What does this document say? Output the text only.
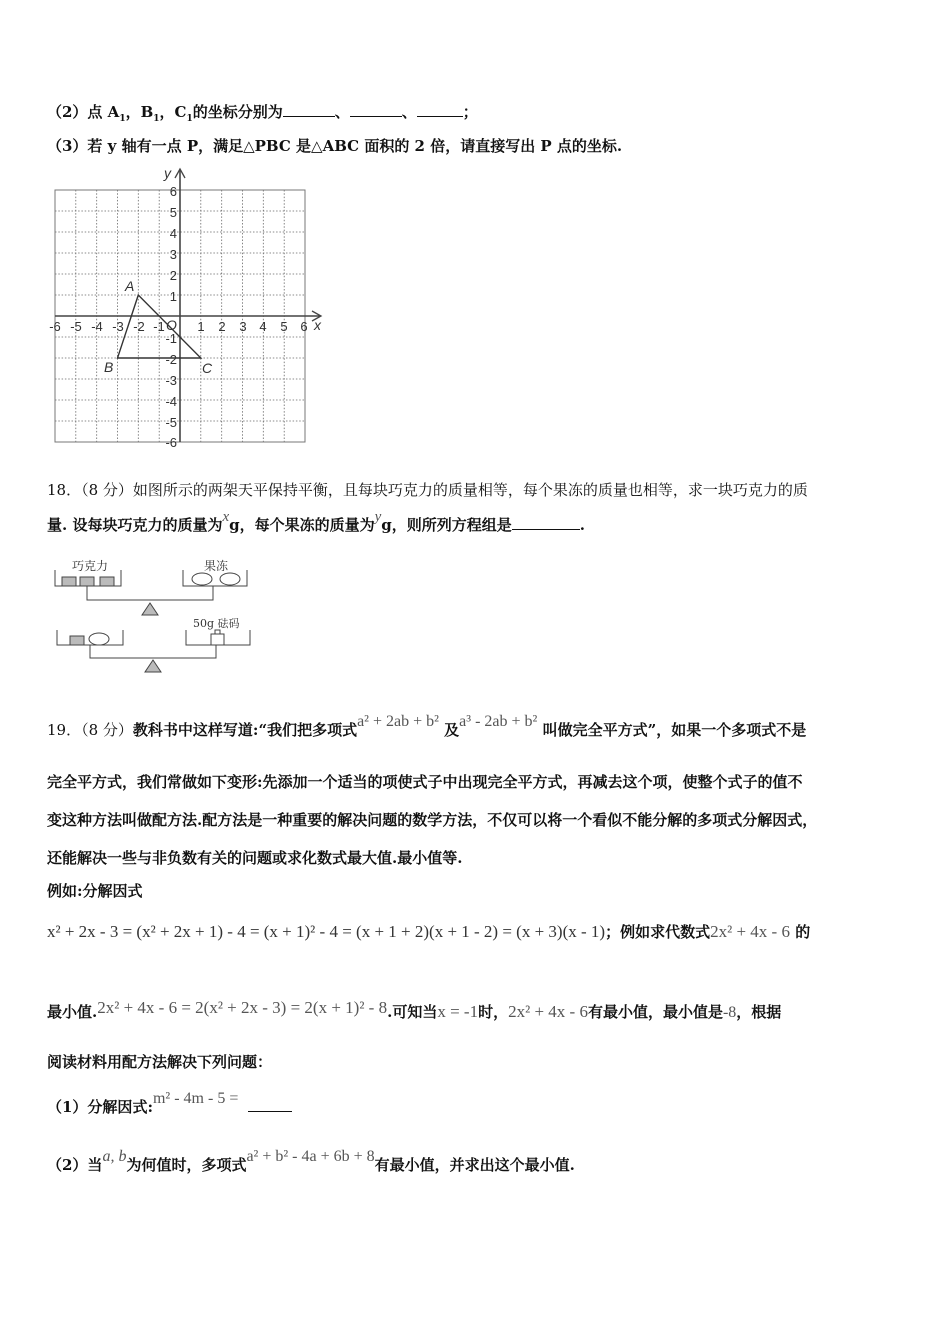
（2）点 $A_1$，$B_1$，$C_1$的坐标分别为	、	、	；
（3）若 y 轴有一点 P，满足△PBC 是△ABC 面积的 2 倍，请直接写出 P 点的坐标.
y
x
O
A
B	C
-6 -5 -4 -3 -2 -1	1 2 3 4 5 6
6
5
4
3
2
1
-1
-2
-3
-4
-5
-6
18．（8 分）如图所示的两架天平保持平衡，且每块巧克力的质量相等，每个果冻的质量也相等，求一块巧克力的质
量. 设每块巧克力的质量为xg，每个果冻的质量为yg，则所列方程组是	.
巧克力	果冻
50g 砝码
19．（8 分）教科书中这样写道:“我们把多项式a² + 2ab + b² 及a³ - 2ab + b² 叫做完全平方式”，如果一个多项式不是
完全平方式，我们常做如下变形:先添加一个适当的项使式子中出现完全平方式，再减去这个项，使整个式子的值不
变这种方法叫做配方法.配方法是一种重要的解决问题的数学方法，不仅可以将一个看似不能分解的多项式分解因式，
还能解决一些与非负数有关的问题或求化数式最大值.最小值等.
例如:分解因式
x² + 2x - 3 = (x² + 2x + 1) - 4 = (x + 1)² - 4 = (x + 1 + 2)(x + 1 - 2) = (x + 3)(x - 1)；例如求代数式2x² + 4x - 6 的
最小值.2x² + 4x - 6 = 2(x² + 2x - 3) = 2(x + 1)² - 8.可知当x = -1时，2x² + 4x - 6有最小值，最小值是-8，根据
阅读材料用配方法解决下列问题：
（1）分解因式:m² - 4m - 5 =
（2）当a, b为何值时，多项式a² + b² - 4a + 6b + 8有最小值，并求出这个最小值.
